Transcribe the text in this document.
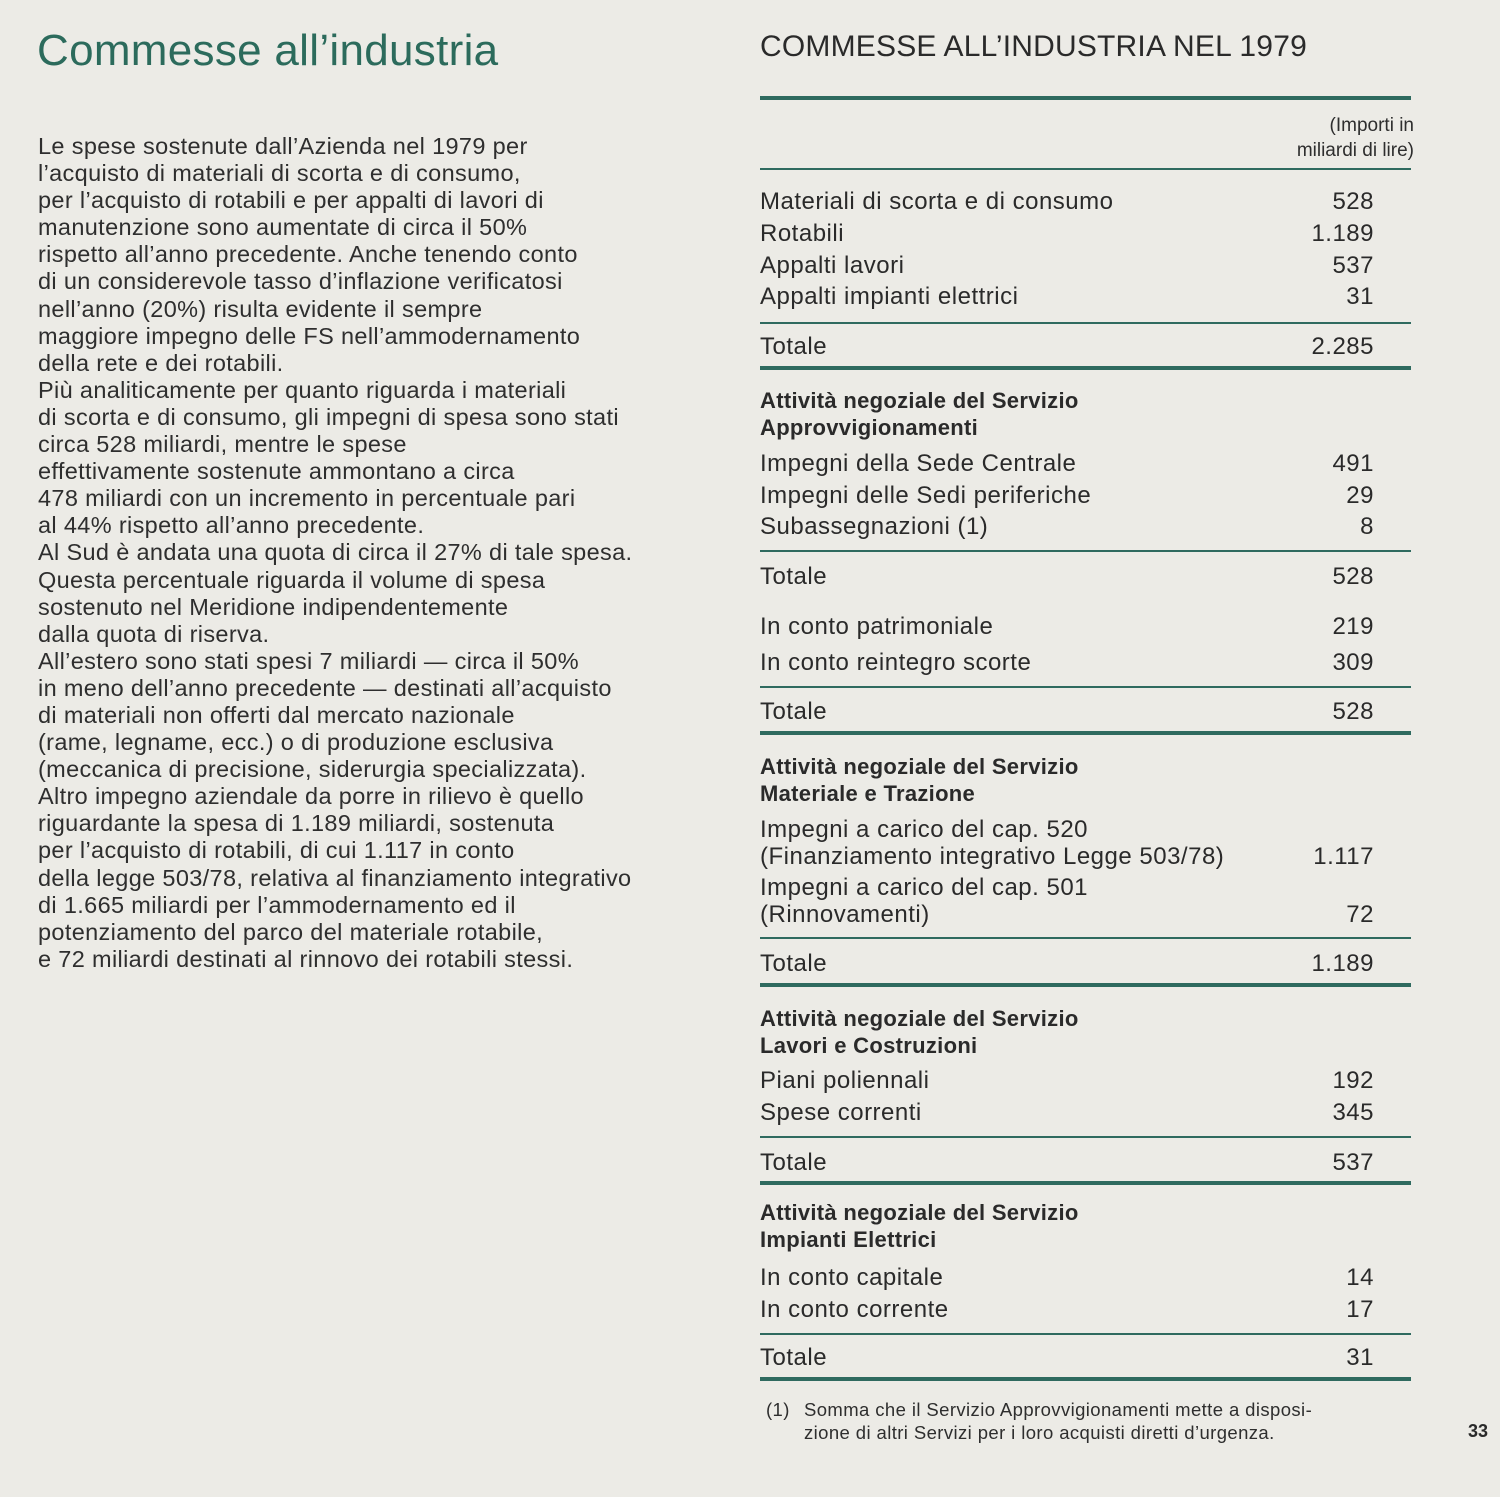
Commesse all’industria
Le spese sostenute dall’Azienda nel 1979 per
l’acquisto di materiali di scorta e di consumo,
per l’acquisto di rotabili e per appalti di lavori di
manutenzione sono aumentate di circa il 50%
rispetto all’anno precedente. Anche tenendo conto
di un considerevole tasso d’inflazione verificatosi
nell’anno (20%) risulta evidente il sempre
maggiore impegno delle FS nell’ammodernamento
della rete e dei rotabili.
Più analiticamente per quanto riguarda i materiali
di scorta e di consumo, gli impegni di spesa sono stati
circa 528 miliardi, mentre le spese
effettivamente sostenute ammontano a circa
478 miliardi con un incremento in percentuale pari
al 44% rispetto all’anno precedente.
Al Sud è andata una quota di circa il 27% di tale spesa.
Questa percentuale riguarda il volume di spesa
sostenuto nel Meridione indipendentemente
dalla quota di riserva.
All’estero sono stati spesi 7 miliardi — circa il 50%
in meno dell’anno precedente — destinati all’acquisto
di materiali non offerti dal mercato nazionale
(rame, legname, ecc.) o di produzione esclusiva
(meccanica di precisione, siderurgia specializzata).
Altro impegno aziendale da porre in rilievo è quello
riguardante la spesa di 1.189 miliardi, sostenuta
per l’acquisto di rotabili, di cui 1.117 in conto
della legge 503/78, relativa al finanziamento integrativo
di 1.665 miliardi per l’ammodernamento ed il
potenziamento del parco del materiale rotabile,
e 72 miliardi destinati al rinnovo dei rotabili stessi.
COMMESSE ALL’INDUSTRIA NEL 1979
(Importi in
miliardi di lire)
Materiali di scorta e di consumo	528
Rotabili	1.189
Appalti lavori	537
Appalti impianti elettrici	31
Totale	2.285
Attività negoziale del Servizio
Approvvigionamenti
Impegni della Sede Centrale	491
Impegni delle Sedi periferiche	29
Subassegnazioni (1)	8
Totale	528
In conto patrimoniale	219
In conto reintegro scorte	309
Totale	528
Attività negoziale del Servizio
Materiale e Trazione
Impegni a carico del cap. 520
(Finanziamento integrativo Legge 503/78)	1.117
Impegni a carico del cap. 501
(Rinnovamenti)	72
Totale	1.189
Attività negoziale del Servizio
Lavori e Costruzioni
Piani poliennali	192
Spese correnti	345
Totale	537
Attività negoziale del Servizio
Impianti Elettrici
In conto capitale	14
In conto corrente	17
Totale	31
(1) Somma che il Servizio Approvvigionamenti mette a disposi-
zione di altri Servizi per i loro acquisti diretti d’urgenza.	33
